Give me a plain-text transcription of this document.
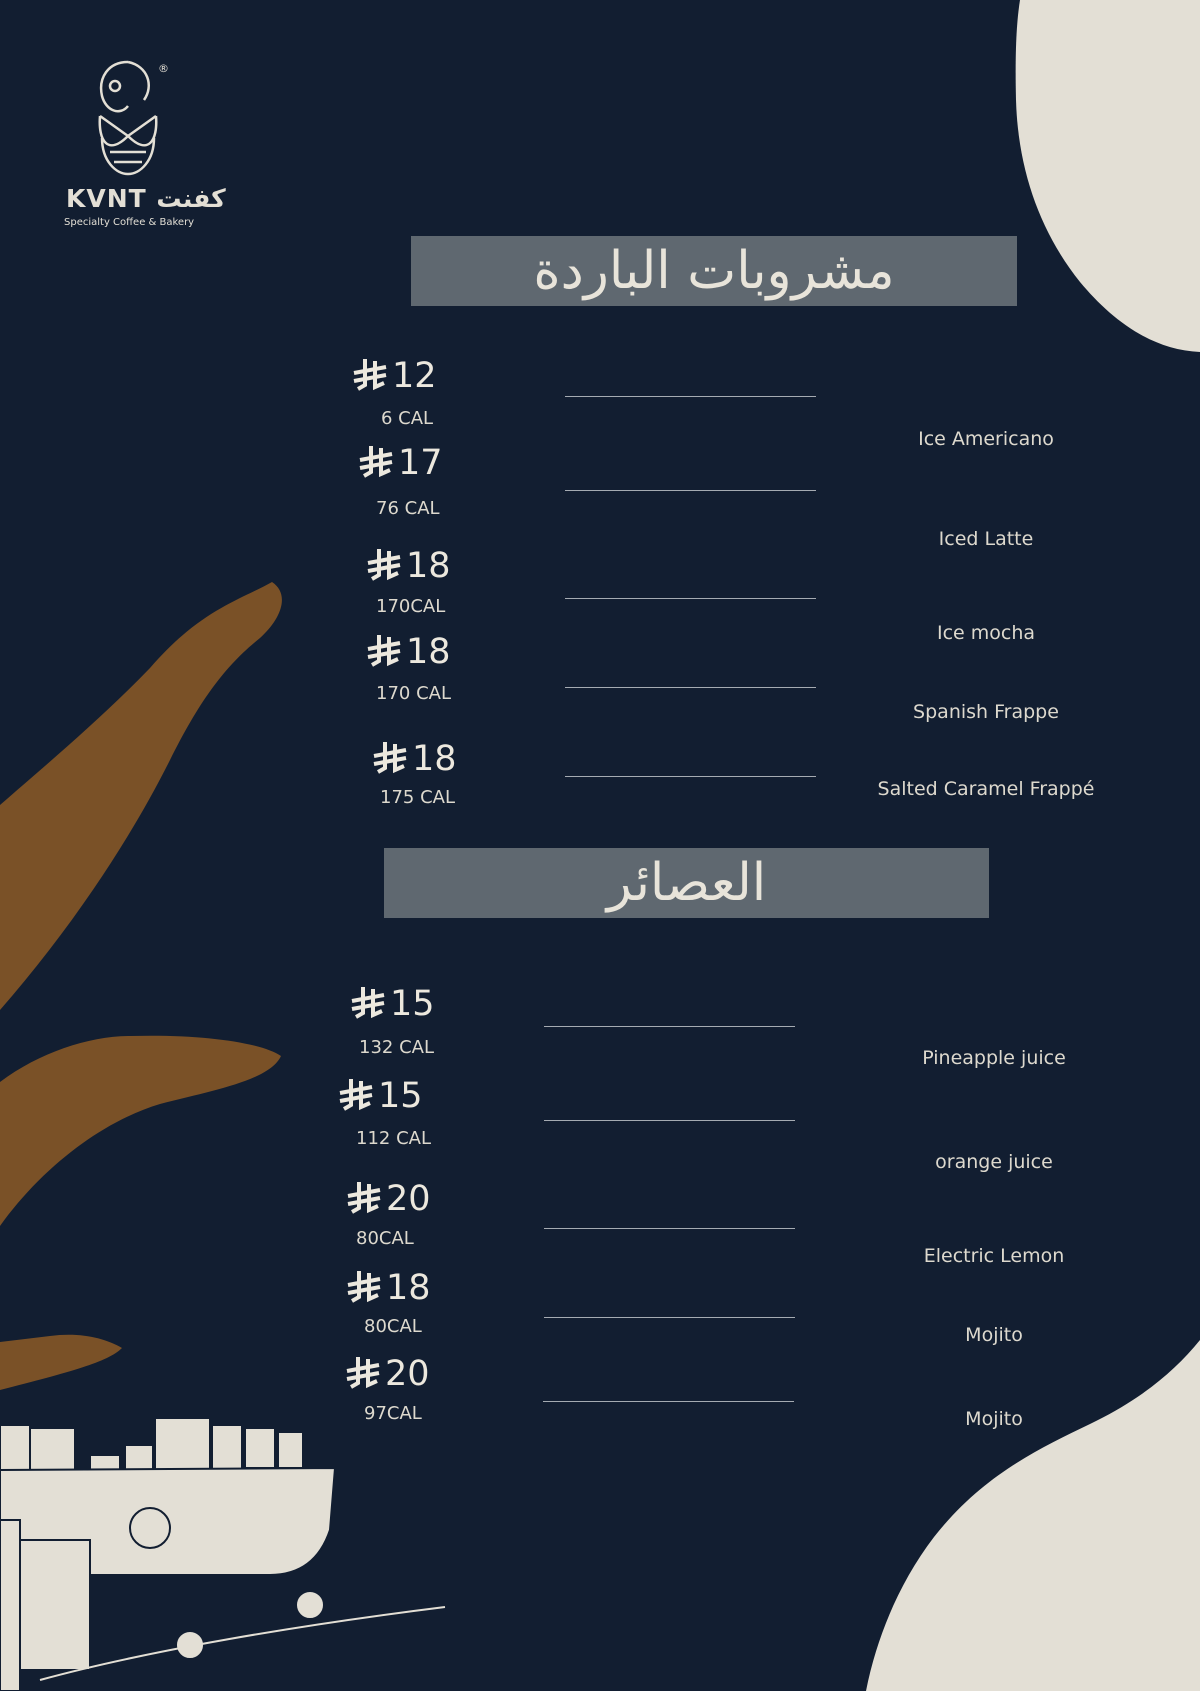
®
KVNT كفنت
Specialty Coffee & Bakery
مشروبات الباردة
Ice Americano
12
6 CAL
Iced Latte
17
76 CAL
Ice mocha
18
170CAL
Spanish Frappe
18
170 CAL
Salted Caramel Frappé
18
175 CAL
العصائر
Pineapple juice
15
132 CAL
orange juice
15
112 CAL
Electric Lemon
20
80CAL
Mojito
18
80CAL
Mojito
20
97CAL
